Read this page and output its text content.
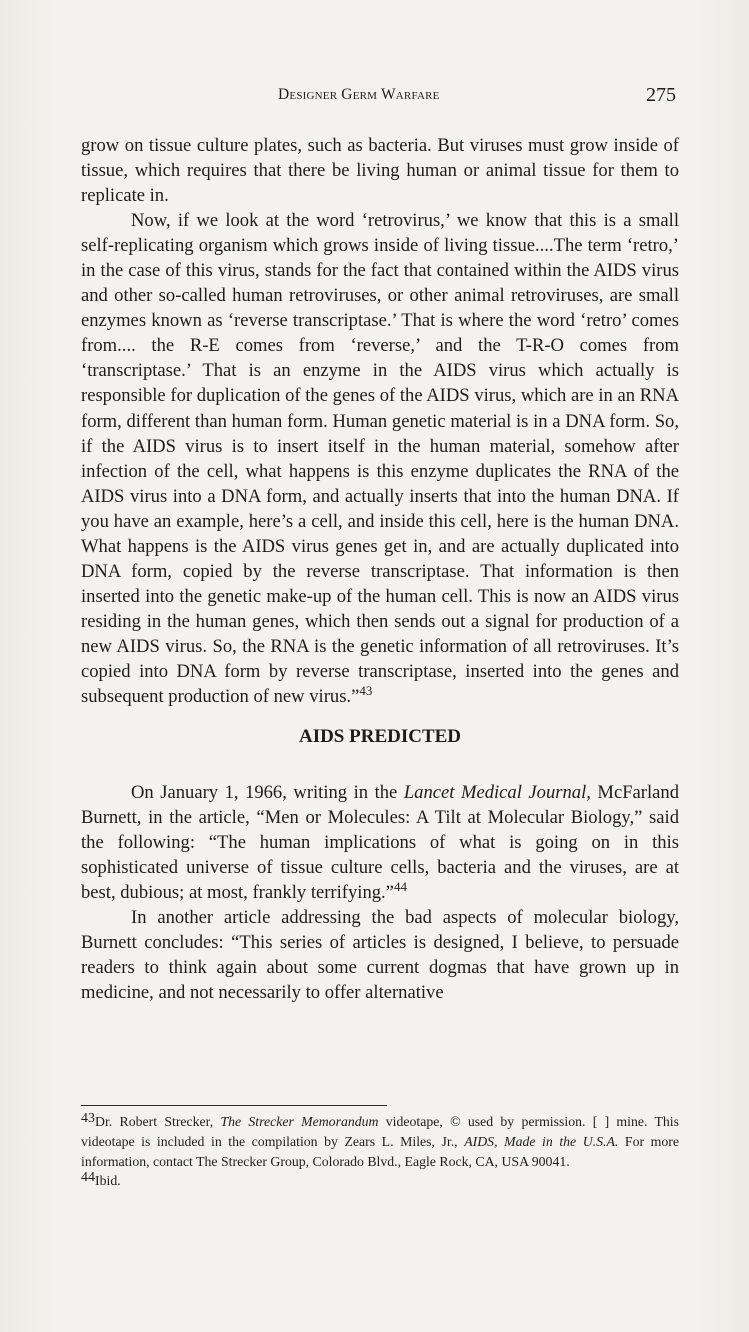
Designer Germ Warfare	275

grow on tissue culture plates, such as bacteria. But viruses must grow inside of tissue, which requires that there be living human or animal tissue for them to replicate in.

Now, if we look at the word ‘retrovirus,’ we know that this is a small self-replicating organism which grows inside of living tissue....The term ‘retro,’ in the case of this virus, stands for the fact that contained within the AIDS virus and other so-called human retroviruses, or other animal retroviruses, are small enzymes known as ‘reverse transcriptase.’ That is where the word ‘retro’ comes from.... the R-E comes from ‘reverse,’ and the T-R-O comes from ‘transcriptase.’ That is an enzyme in the AIDS virus which actually is responsible for duplication of the genes of the AIDS virus, which are in an RNA form, different than human form. Human genetic material is in a DNA form. So, if the AIDS virus is to insert itself in the human material, somehow after infection of the cell, what happens is this enzyme duplicates the RNA of the AIDS virus into a DNA form, and actually inserts that into the human DNA. If you have an example, here’s a cell, and inside this cell, here is the human DNA. What happens is the AIDS virus genes get in, and are actually duplicated into DNA form, copied by the reverse transcriptase. That information is then inserted into the genetic make-up of the human cell. This is now an AIDS virus residing in the human genes, which then sends out a signal for production of a new AIDS virus. So, the RNA is the genetic information of all retroviruses. It’s copied into DNA form by reverse transcriptase, inserted into the genes and subsequent production of new virus.”$^{43}$

AIDS PREDICTED

On January 1, 1966, writing in the Lancet Medical Journal, McFarland Burnett, in the article, “Men or Molecules: A Tilt at Molecular Biology,” said the following: “The human implications of what is going on in this sophisticated universe of tissue culture cells, bacteria and the viruses, are at best, dubious; at most, frankly terrifying.”$^{44}$

In another article addressing the bad aspects of molecular biology, Burnett concludes: “This series of articles is designed, I believe, to persuade readers to think again about some current dogmas that have grown up in medicine, and not necessarily to offer alternative

$^{43}$Dr. Robert Strecker, The Strecker Memorandum videotape, © used by permission. [ ] mine. This videotape is included in the compilation by Zears L. Miles, Jr., AIDS, Made in the U.S.A. For more information, contact The Strecker Group, Colorado Blvd., Eagle Rock, CA, USA 90041.

$^{44}$Ibid.
